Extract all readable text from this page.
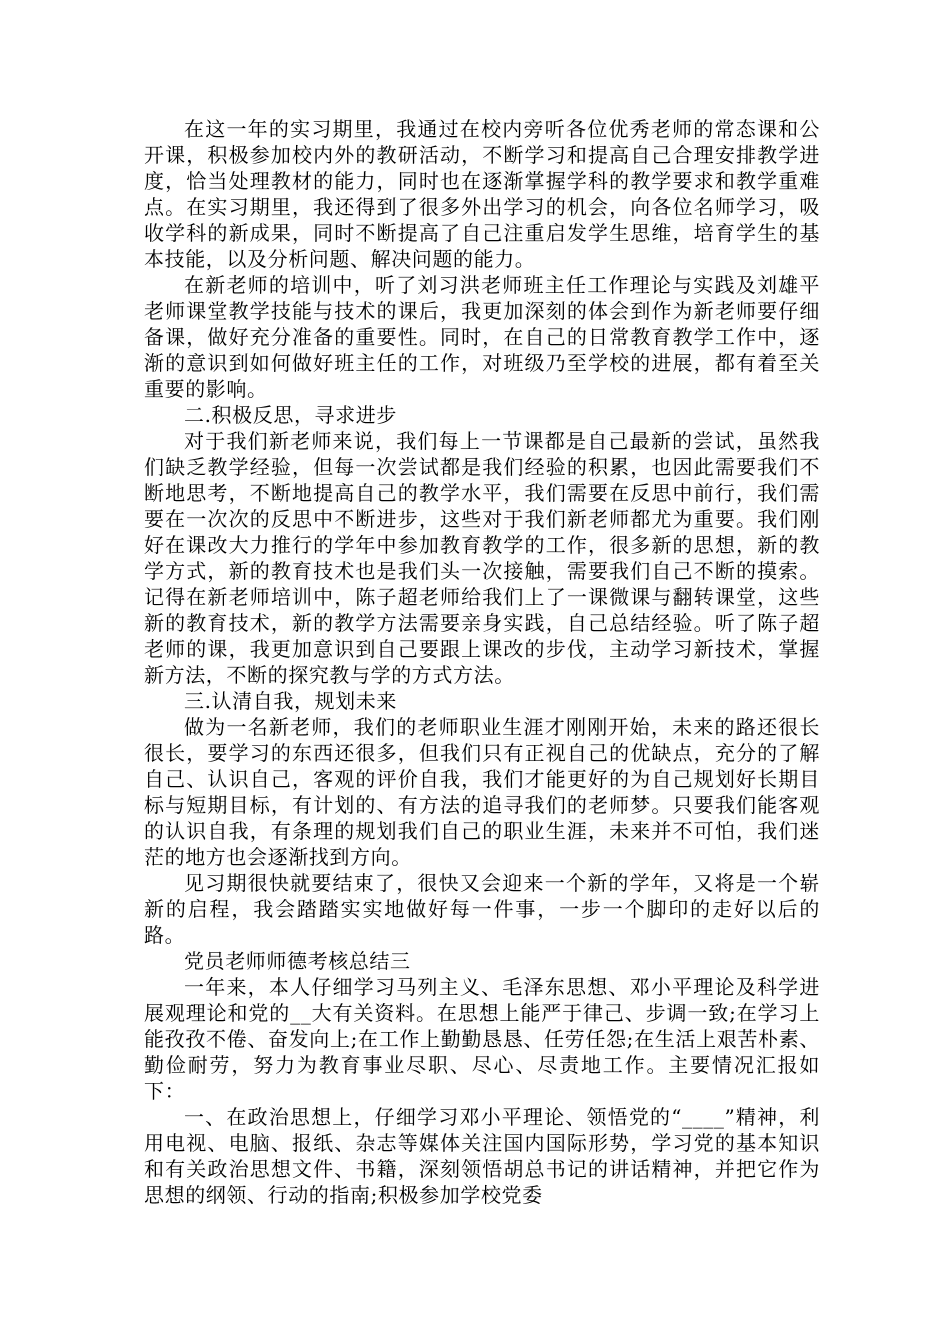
在这一年的实习期里，我通过在校内旁听各位优秀老师的常态课和公开课，积极参加校内外的教研活动，不断学习和提高自己合理安排教学进度，恰当处理教材的能力，同时也在逐渐掌握学科的教学要求和教学重难点。在实习期里，我还得到了很多外出学习的机会，向各位名师学习，吸收学科的新成果，同时不断提高了自己注重启发学生思维，培育学生的基本技能，以及分析问题、解决问题的能力。

在新老师的培训中，听了刘习洪老师班主任工作理论与实践及刘雄平老师课堂教学技能与技术的课后，我更加深刻的体会到作为新老师要仔细备课，做好充分准备的重要性。同时，在自己的日常教育教学工作中，逐渐的意识到如何做好班主任的工作，对班级乃至学校的进展，都有着至关重要的影响。

二.积极反思，寻求进步

对于我们新老师来说，我们每上一节课都是自己最新的尝试，虽然我们缺乏教学经验，但每一次尝试都是我们经验的积累，也因此需要我们不断地思考，不断地提高自己的教学水平，我们需要在反思中前行，我们需要在一次次的反思中不断进步，这些对于我们新老师都尤为重要。我们刚好在课改大力推行的学年中参加教育教学的工作，很多新的思想，新的教学方式，新的教育技术也是我们头一次接触，需要我们自己不断的摸索。记得在新老师培训中，陈子超老师给我们上了一课微课与翻转课堂，这些新的教育技术，新的教学方法需要亲身实践，自己总结经验。听了陈子超老师的课，我更加意识到自己要跟上课改的步伐，主动学习新技术，掌握新方法，不断的探究教与学的方式方法。

三.认清自我，规划未来

做为一名新老师，我们的老师职业生涯才刚刚开始，未来的路还很长很长，要学习的东西还很多，但我们只有正视自己的优缺点，充分的了解自己、认识自己，客观的评价自我，我们才能更好的为自己规划好长期目标与短期目标，有计划的、有方法的追寻我们的老师梦。只要我们能客观的认识自我，有条理的规划我们自己的职业生涯，未来并不可怕，我们迷茫的地方也会逐渐找到方向。

见习期很快就要结束了，很快又会迎来一个新的学年，又将是一个崭新的启程，我会踏踏实实地做好每一件事，一步一个脚印的走好以后的路。

党员老师师德考核总结三

一年来，本人仔细学习马列主义、毛泽东思想、邓小平理论及科学进展观理论和党的__大有关资料。在思想上能严于律己、步调一致;在学习上能孜孜不倦、奋发向上;在工作上勤勤恳恳、任劳任怨;在生活上艰苦朴素、勤俭耐劳，努力为教育事业尽职、尽心、尽责地工作。主要情况汇报如下：

一、在政治思想上，仔细学习邓小平理论、领悟党的“____”精神，利用电视、电脑、报纸、杂志等媒体关注国内国际形势，学习党的基本知识和有关政治思想文件、书籍，深刻领悟胡总书记的讲话精神，并把它作为思想的纲领、行动的指南;积极参加学校党委
